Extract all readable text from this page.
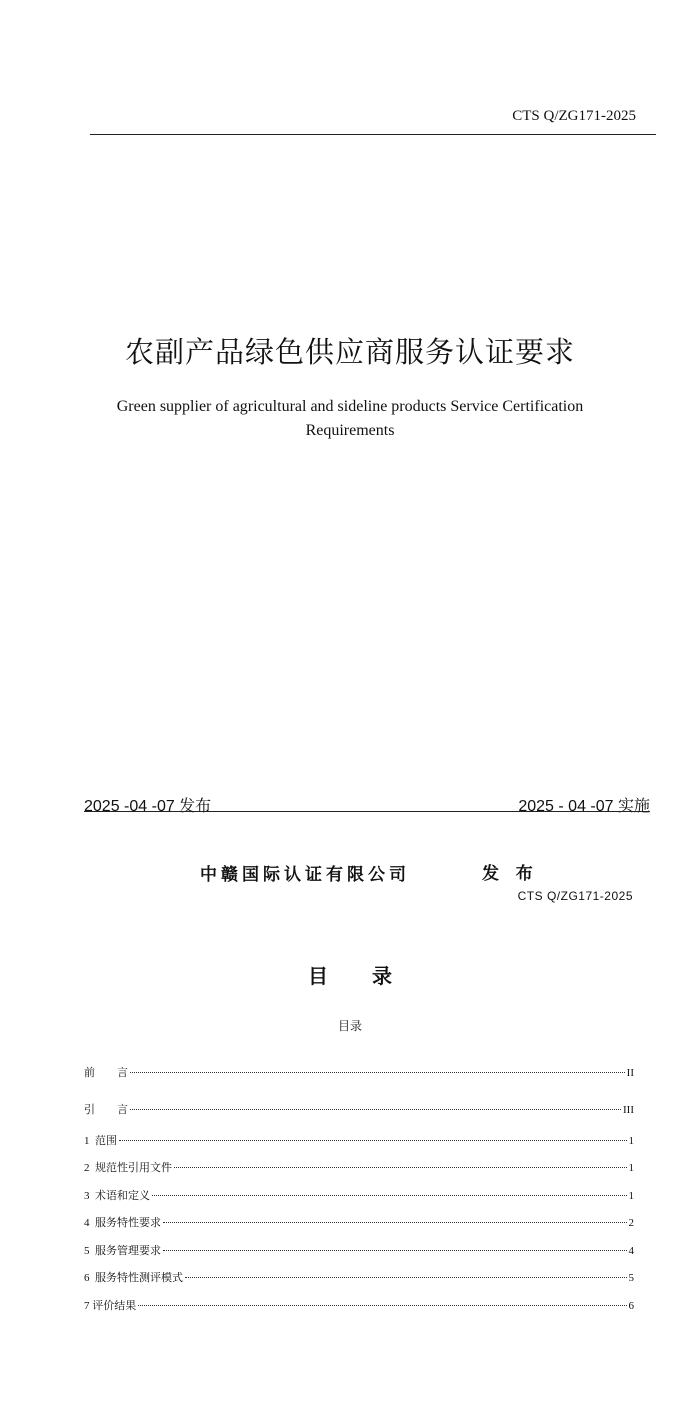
CTS Q/ZG171-2025
农副产品绿色供应商服务认证要求
Green supplier of agricultural and sideline products Service Certification Requirements
2025 -04 -07 发布	2025 - 04 -07 实施
中赣国际认证有限公司	发 布
CTS Q/ZG171-2025
目 录
目录
前　　言	II
引　　言	III
1  范围	1
2  规范性引用文件	1
3  术语和定义	1
4  服务特性要求	2
5  服务管理要求	4
6  服务特性测评模式	5
7 评价结果	6
